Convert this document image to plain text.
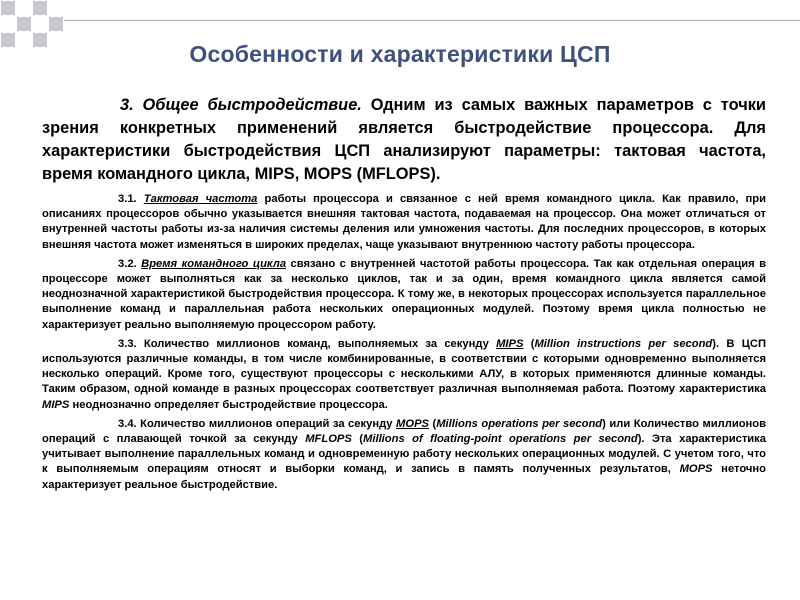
Особенности и характеристики ЦСП

3. Общее быстродействие. Одним из самых важных параметров с точки зрения конкретных применений является быстродействие процессора. Для характеристики быстродействия ЦСП анализируют параметры: тактовая частота, время командного цикла, MIPS, MOPS (MFLOPS).

3.1. Тактовая частота работы процессора и связанное с ней время командного цикла. Как правило, при описаниях процессоров обычно указывается внешняя тактовая частота, подаваемая на процессор. Она может отличаться от внутренней частоты работы из-за наличия системы деления или умножения частоты. Для последних процессоров, в которых внешняя частота может изменяться в широких пределах, чаще указывают внутреннюю частоту работы процессора.

3.2. Время командного цикла связано с внутренней частотой работы процессора. Так как отдельная операция в процессоре может выполняться как за несколько циклов, так и за один, время командного цикла является самой неоднозначной характеристикой быстродействия процессора. К тому же, в некоторых процессорах используется параллельное выполнение команд и параллельная работа нескольких операционных модулей. Поэтому время цикла полностью не характеризует реально выполняемую процессором работу.

3.3. Количество миллионов команд, выполняемых за секунду MIPS (Million instructions per second). В ЦСП используются различные команды, в том числе комбинированные, в соответствии с которыми одновременно выполняется несколько операций. Кроме того, существуют процессоры с несколькими АЛУ, в которых применяются длинные команды. Таким образом, одной команде в разных процессорах соответствует различная выполняемая работа. Поэтому характеристика MIPS неоднозначно определяет быстродействие процессора.

3.4. Количество миллионов операций за секунду MOPS (Millions operations per second) или Количество миллионов операций с плавающей точкой за секунду MFLOPS (Millions of floating-point operations per second). Эта характеристика учитывает выполнение параллельных команд и одновременную работу нескольких операционных модулей. С учетом того, что к выполняемым операциям относят и выборки команд, и запись в память полученных результатов, MOPS неточно характеризует реальное быстродействие.
